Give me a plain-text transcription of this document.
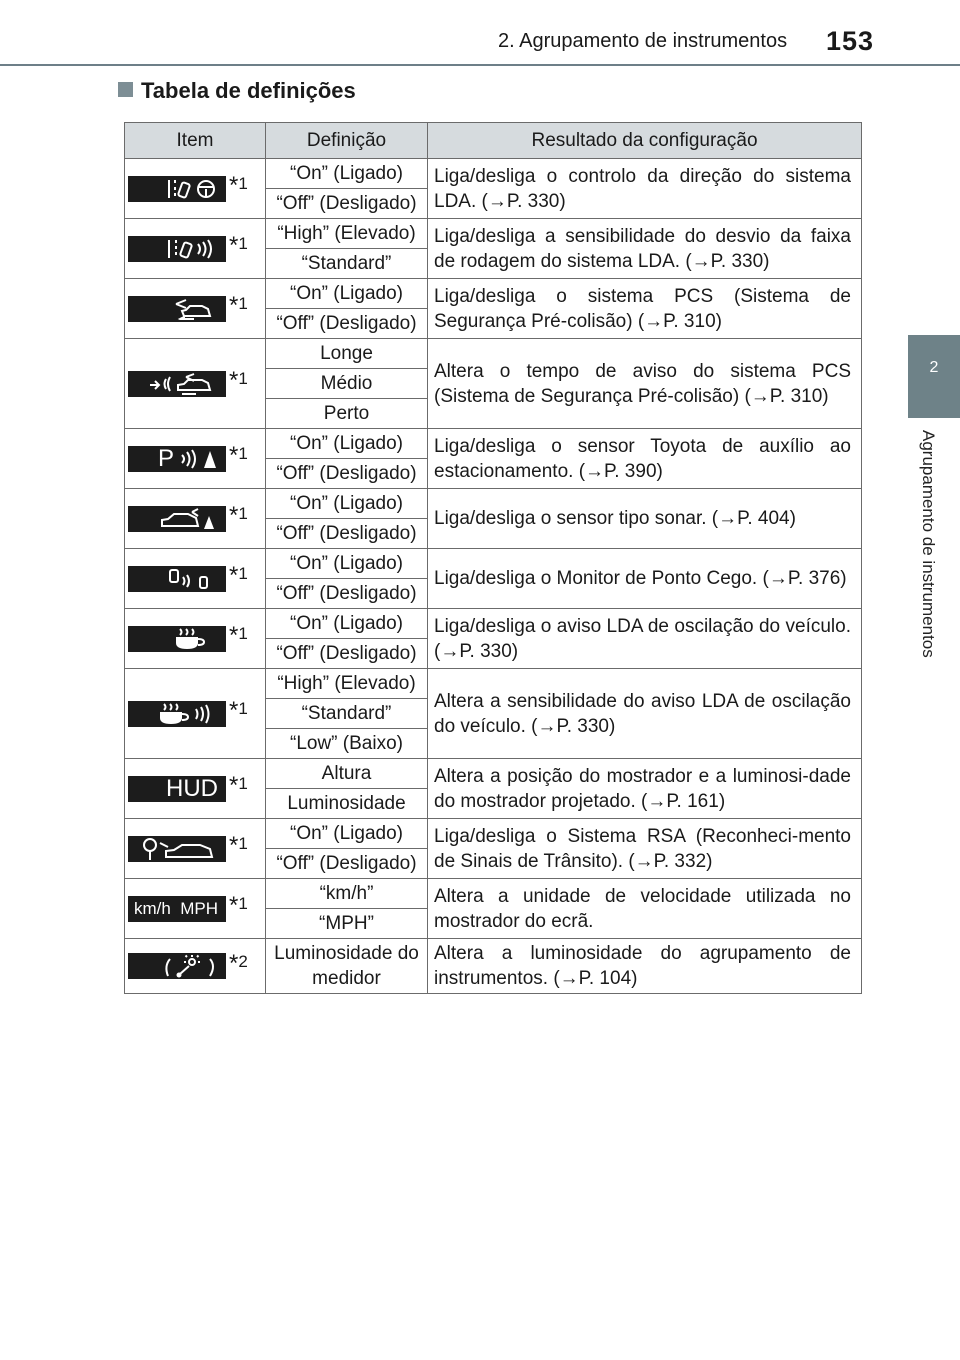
2. Agrupamento de instrumentos 153
2
Agrupamento de instrumentos
Tabela de definições
Item	Definição	Resultado da configuração

*1	“On” (Ligado)	Liga/desliga o controlo da direção do sistema LDA. (→P. 330)
	“Off” (Desligado)	

*1	“High” (Elevado)	Liga/desliga a sensibilidade do desvio da faixa de rodagem do sistema LDA. (→P. 330)
	“Standard”	

*1	“On” (Ligado)	Liga/desliga o sistema PCS (Sistema de Segurança Pré-colisão) (→P. 310)
	“Off” (Desligado)	

*1	Longe	Altera o tempo de aviso do sistema PCS (Sistema de Segurança Pré-colisão) (→P. 310)
	Médio	
	Perto	

P *1	“On” (Ligado)	Liga/desliga o sensor Toyota de auxílio ao estacionamento. (→P. 390)
	“Off” (Desligado)	

*1	“On” (Ligado)	Liga/desliga o sensor tipo sonar. (→P. 404)
	“Off” (Desligado)	

*1	“On” (Ligado)	Liga/desliga o Monitor de Ponto Cego. (→P. 376)
	“Off” (Desligado)	

*1	“On” (Ligado)	Liga/desliga o aviso LDA de oscilação do veículo. (→P. 330)
	“Off” (Desligado)	

*1	“High” (Elevado)	Altera a sensibilidade do aviso LDA de oscilação do veículo. (→P. 330)
	“Standard”	
	“Low” (Baixo)	

HUD *1	Altura	Altera a posição do mostrador e a luminosi-dade do mostrador projetado. (→P. 161)
	Luminosidade	

*1	“On” (Ligado)	Liga/desliga o Sistema RSA (Reconheci-mento de Sinais de Trânsito). (→P. 332)
	“Off” (Desligado)	

km/h  MPH *1	“km/h”	Altera a unidade de velocidade utilizada no mostrador do ecrã.
	“MPH”	

*2	Luminosidade do medidor	Altera a luminosidade do agrupamento de instrumentos. (→P. 104)
